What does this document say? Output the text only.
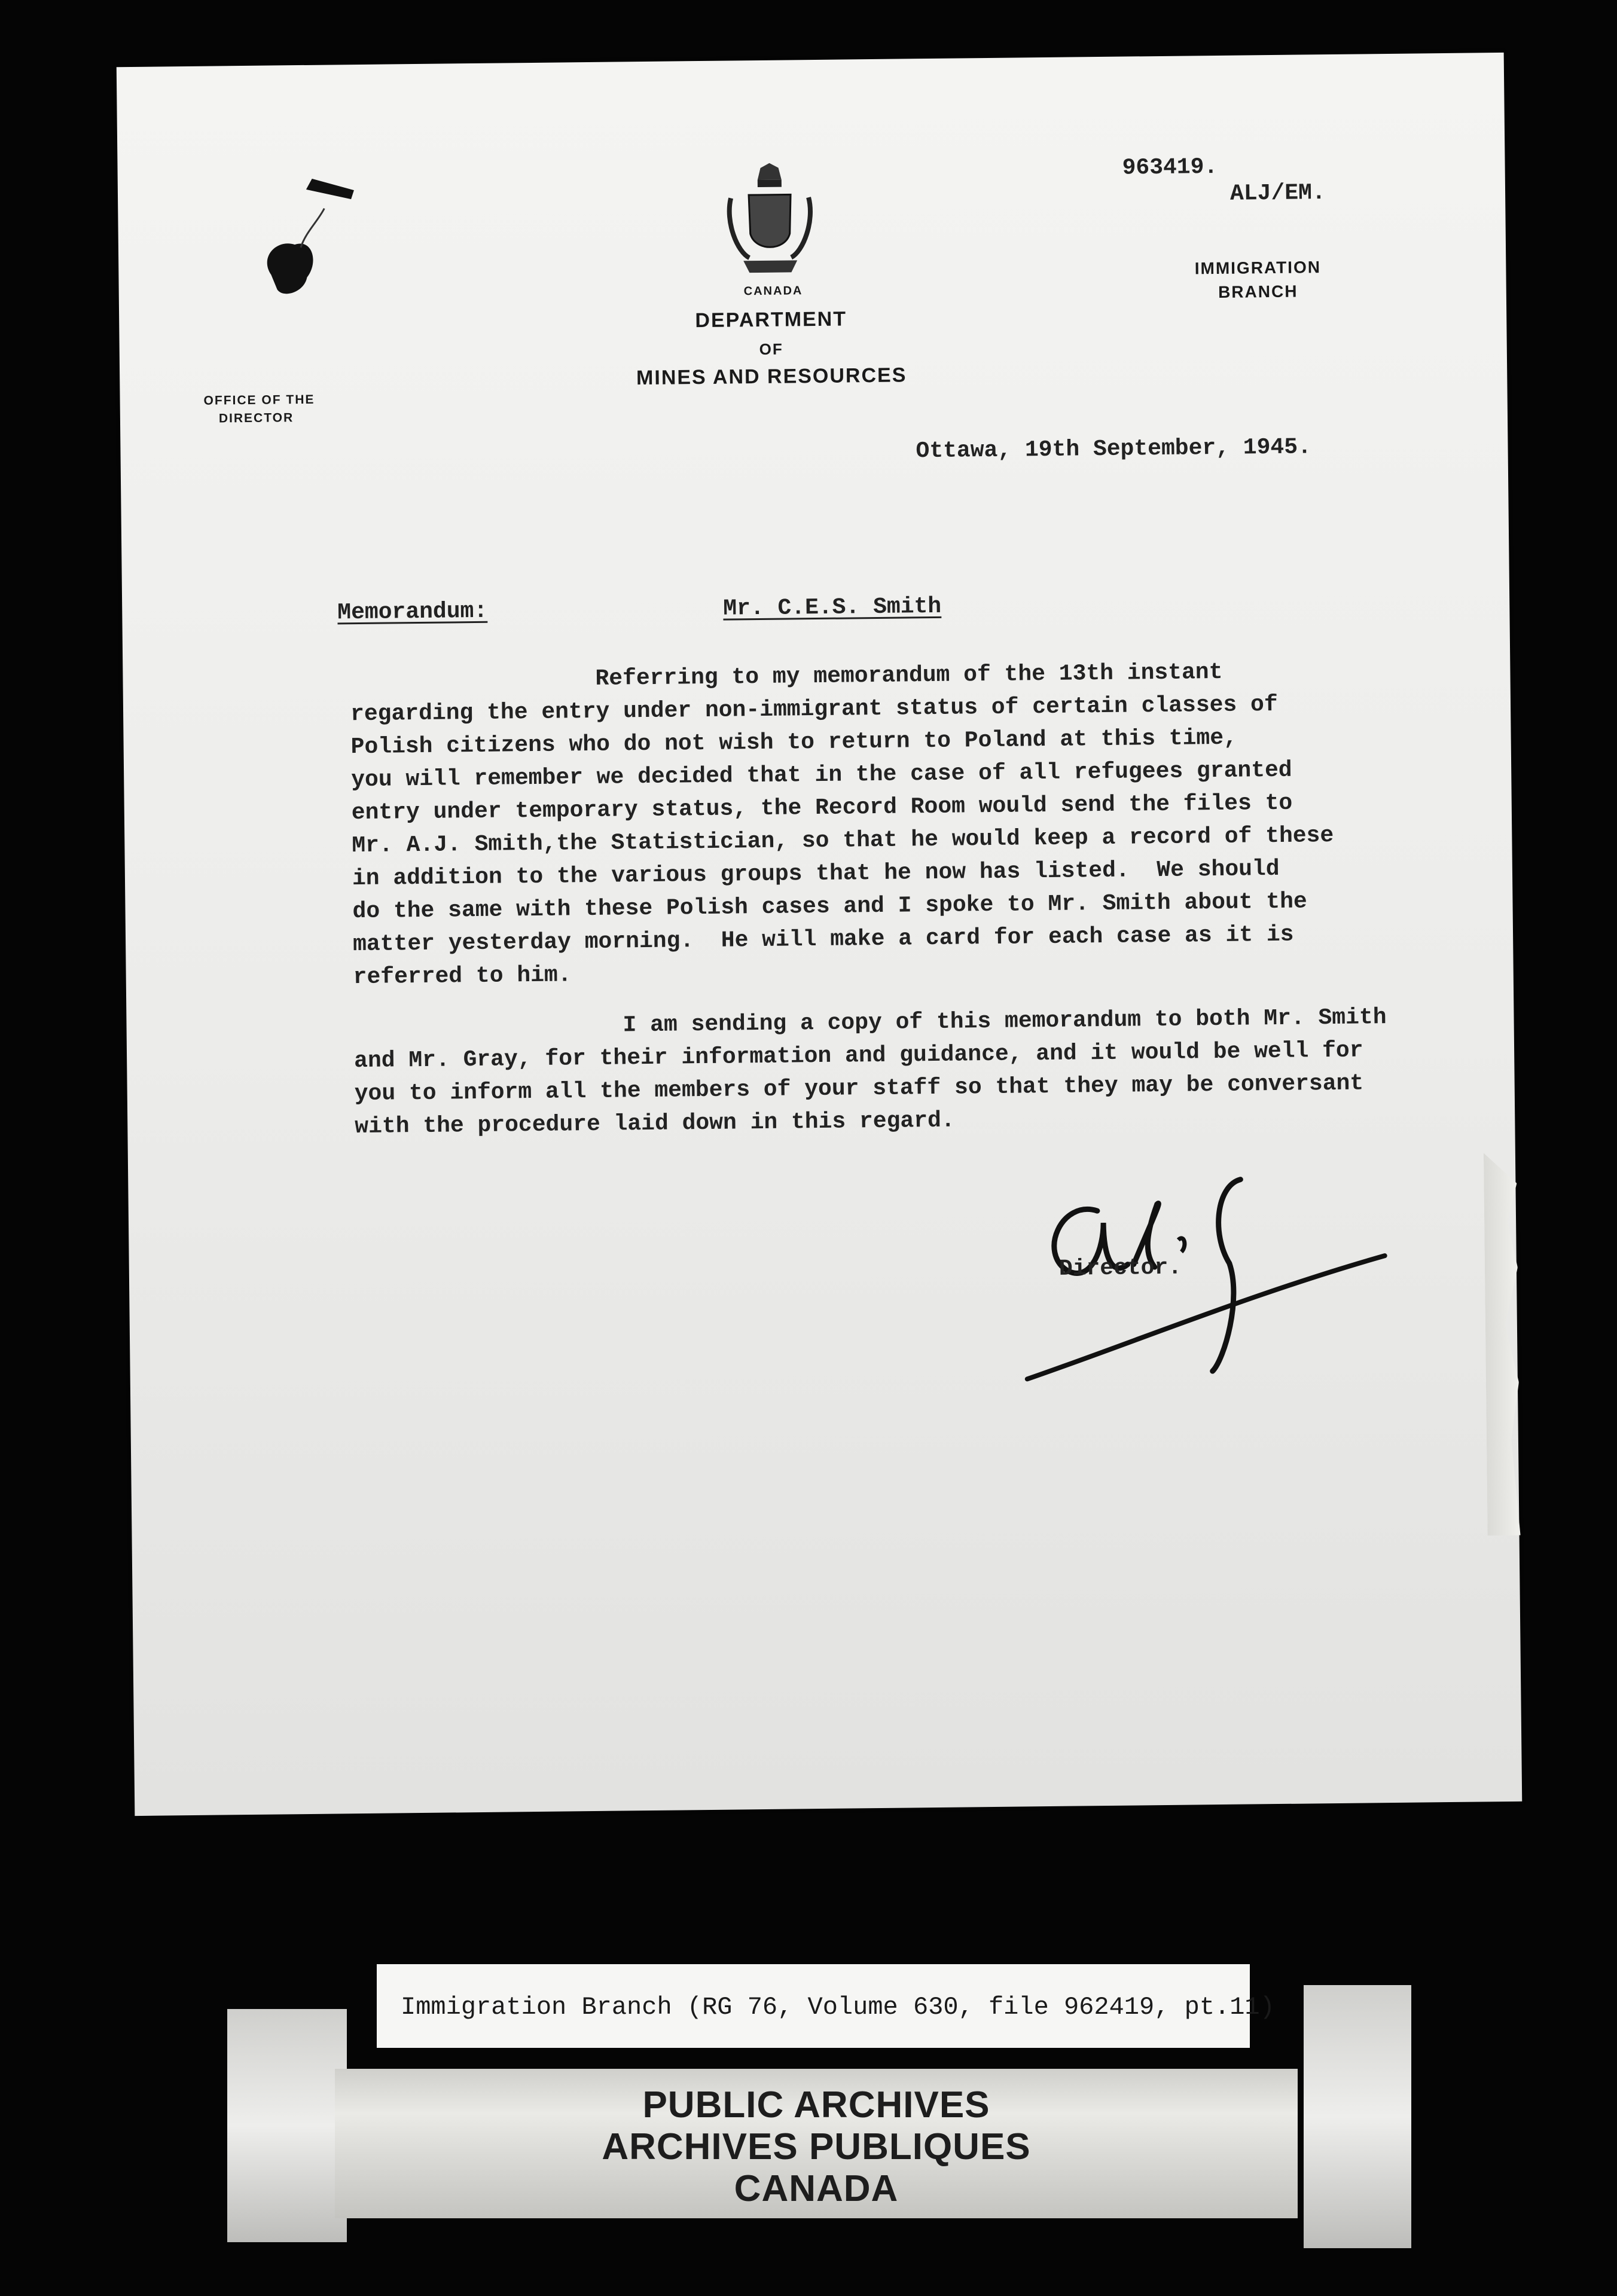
OFFICE OF THE
DIRECTOR
CANADA
DEPARTMENT
OF
MINES AND RESOURCES
963419.
ALJ/EM.
IMMIGRATION
BRANCH
Ottawa, 19th September, 1945.
Memorandum:	Mr. C.E.S. Smith
Referring to my memorandum of the 13th instant
regarding the entry under non-immigrant status of certain classes of
Polish citizens who do not wish to return to Poland at this time,
you will remember we decided that in the case of all refugees granted
entry under temporary status, the Record Room would send the files to
Mr. A.J. Smith,the Statistician, so that he would keep a record of these
in addition to the various groups that he now has listed.  We should
do the same with these Polish cases and I spoke to Mr. Smith about the
matter yesterday morning.  He will make a card for each case as it is
referred to him.
I am sending a copy of this memorandum to both Mr. Smith
and Mr. Gray, for their information and guidance, and it would be well for
you to inform all the members of your staff so that they may be conversant
with the procedure laid down in this regard.
Director.
Immigration Branch (RG 76, Volume 630, file 962419, pt.11)
PUBLIC ARCHIVES
ARCHIVES PUBLIQUES
CANADA
